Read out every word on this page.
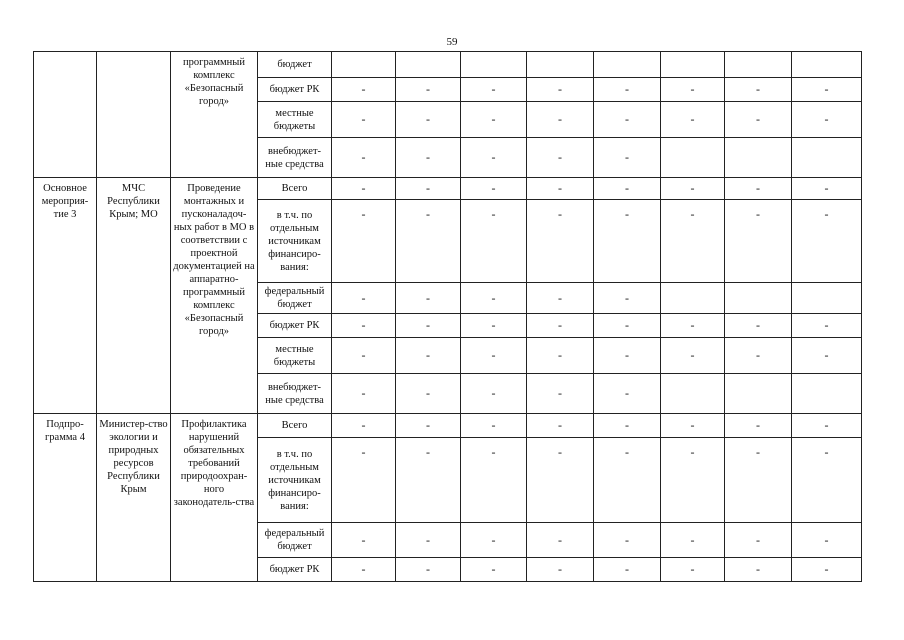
59
		программный комплекс «Безопасный город»	бюджет								
			бюджет РК	-	-	-	-	-	-	-	-
			местные бюджеты	-	-	-	-	-	-	-	-
			внебюджет-ные средства	-	-	-	-	-			
Основное мероприя-тие 3	МЧС Республики Крым; МО	Проведение монтажных и пусконаладоч-ных работ в МО в соответствии с проектной документацией на аппаратно-программный комплекс «Безопасный город»	Всего	-	-	-	-	-	-	-	-
			в т.ч. по отдельным источникам финансиро-вания:	-	-	-	-	-	-	-	-
			федеральный бюджет	-	-	-	-	-			
			бюджет РК	-	-	-	-	-	-	-	-
			местные бюджеты	-	-	-	-	-	-	-	-
			внебюджет-ные средства	-	-	-	-	-			
Подпро-грамма 4	Министер-ство экологии и природных ресурсов Республики Крым	Профилактика нарушений обязательных требований природоохран-ного законодатель-ства	Всего	-	-	-	-	-	-	-	-
			в т.ч. по отдельным источникам финансиро-вания:	-	-	-	-	-	-	-	-
			федеральный бюджет	-	-	-	-	-	-	-	-
			бюджет РК	-	-	-	-	-	-	-	-
